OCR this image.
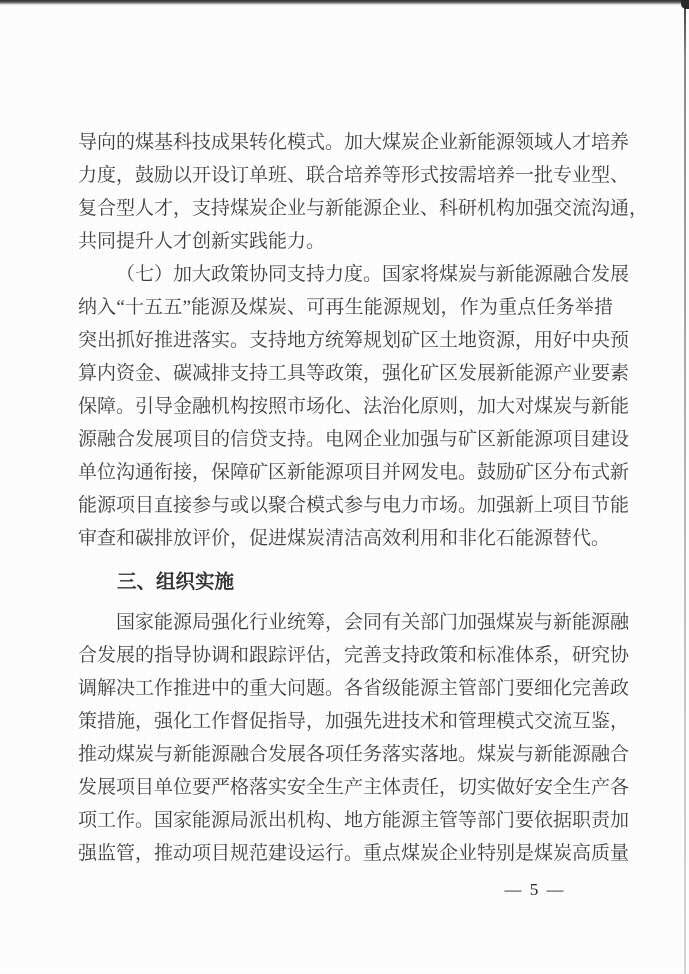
导向的煤基科技成果转化模式。加大煤炭企业新能源领域人才培养
力度，鼓励以开设订单班、联合培养等形式按需培养一批专业型、
复合型人才，支持煤炭企业与新能源企业、科研机构加强交流沟通，
共同提升人才创新实践能力。
（七）加大政策协同支持力度。国家将煤炭与新能源融合发展
纳入“十五五”能源及煤炭、可再生能源规划，作为重点任务举措
突出抓好推进落实。支持地方统筹规划矿区土地资源，用好中央预
算内资金、碳减排支持工具等政策，强化矿区发展新能源产业要素
保障。引导金融机构按照市场化、法治化原则，加大对煤炭与新能
源融合发展项目的信贷支持。电网企业加强与矿区新能源项目建设
单位沟通衔接，保障矿区新能源项目并网发电。鼓励矿区分布式新
能源项目直接参与或以聚合模式参与电力市场。加强新上项目节能
审查和碳排放评价，促进煤炭清洁高效利用和非化石能源替代。
三、组织实施
国家能源局强化行业统筹，会同有关部门加强煤炭与新能源融
合发展的指导协调和跟踪评估，完善支持政策和标准体系，研究协
调解决工作推进中的重大问题。各省级能源主管部门要细化完善政
策措施，强化工作督促指导，加强先进技术和管理模式交流互鉴，
推动煤炭与新能源融合发展各项任务落实落地。煤炭与新能源融合
发展项目单位要严格落实安全生产主体责任，切实做好安全生产各
项工作。国家能源局派出机构、地方能源主管等部门要依据职责加
强监管，推动项目规范建设运行。重点煤炭企业特别是煤炭高质量
— 5 —
